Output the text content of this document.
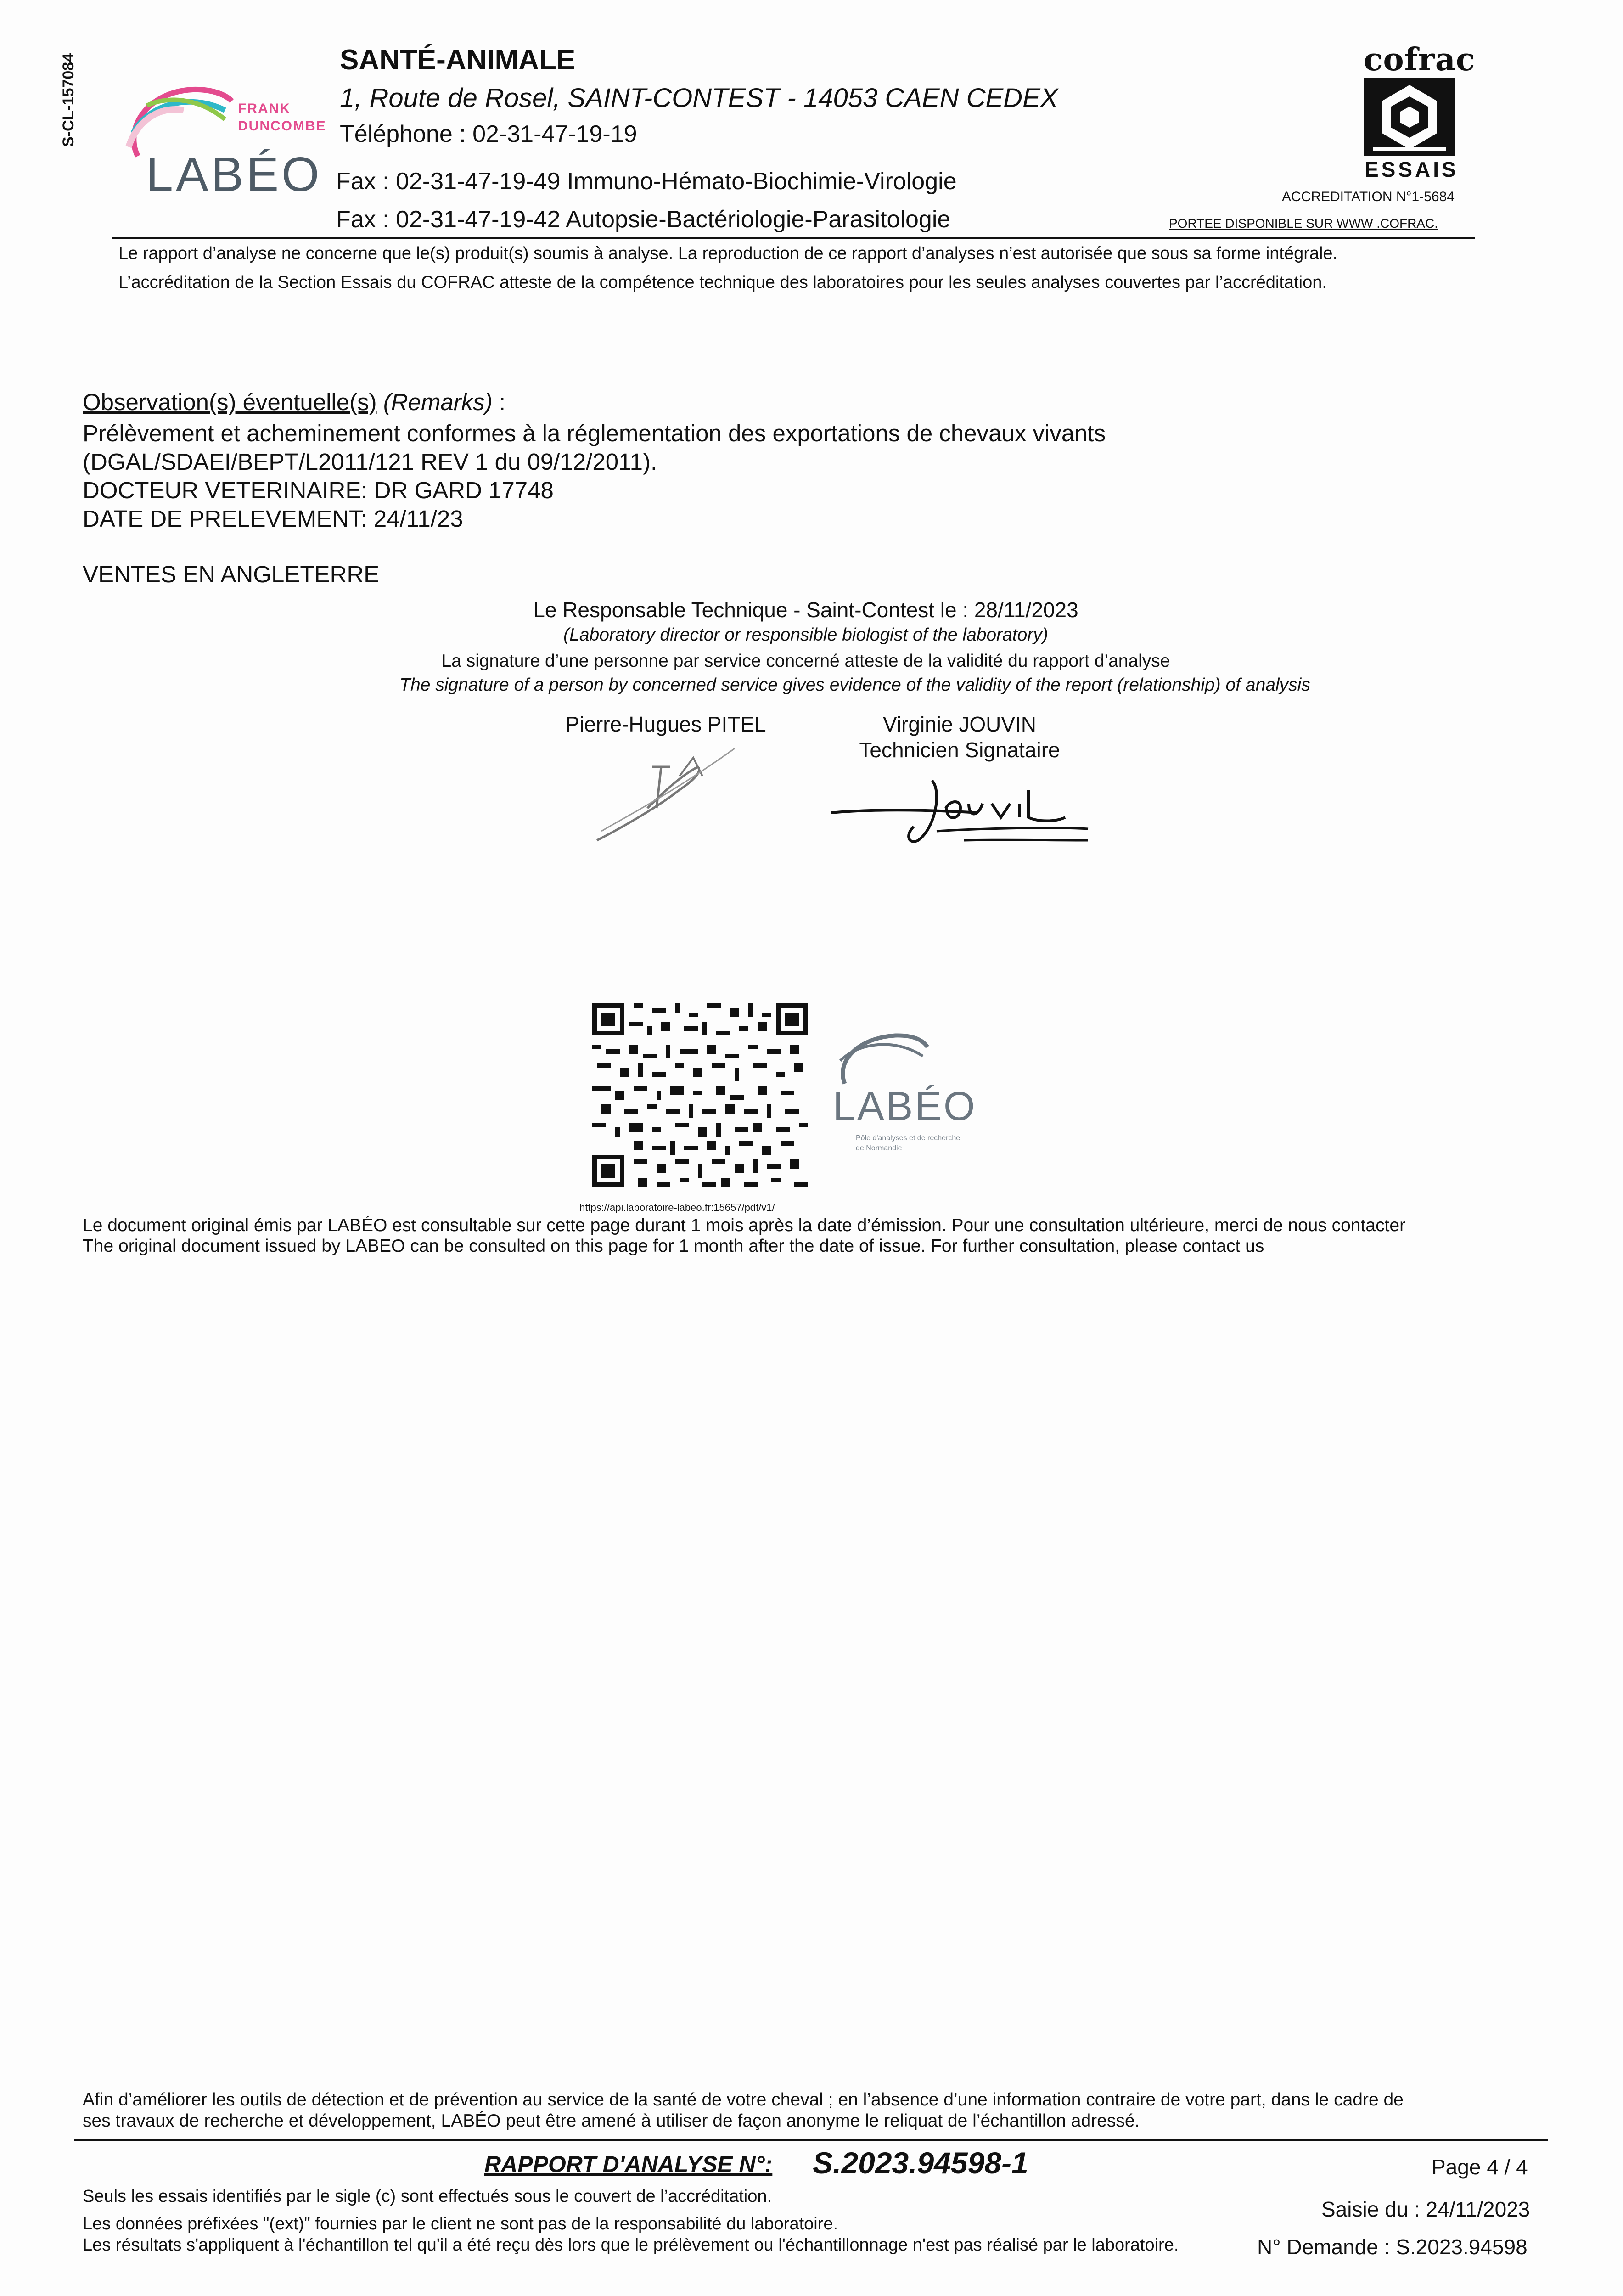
S-CL-157084	FRANK
DUNCOMBE
LABÉO
SANTÉ-ANIMALE
1, Route de Rosel, SAINT-CONTEST - 14053 CAEN CEDEX
Téléphone : 02-31-47-19-19
Fax : 02-31-47-19-49 Immuno-Hémato-Biochimie-Virologie
Fax : 02-31-47-19-42 Autopsie-Bactériologie-Parasitologie
cofrac
ESSAIS
ACCREDITATION N°1-5684
PORTEE DISPONIBLE SUR WWW .COFRAC.
Le rapport d’analyse ne concerne que le(s) produit(s) soumis à analyse. La reproduction de ce rapport d’analyses n’est autorisée que sous sa forme intégrale.
L’accréditation de la Section Essais du COFRAC atteste de la compétence technique des laboratoires pour les seules analyses couvertes par l’accréditation.
Observation(s) éventuelle(s) (Remarks) :
Prélèvement et acheminement conformes à la réglementation des exportations de chevaux vivants
(DGAL/SDAEI/BEPT/L2011/121 REV 1 du 09/12/2011).
DOCTEUR VETERINAIRE: DR GARD 17748
DATE DE PRELEVEMENT: 24/11/23
VENTES EN ANGLETERRE
Le Responsable Technique - Saint-Contest le : 28/11/2023
(Laboratory director or responsible biologist of the laboratory)
La signature d’une personne par service concerné atteste de la validité du rapport d’analyse
The signature of a person by concerned service gives evidence of the validity of the report (relationship) of analysis
Pierre-Hugues PITEL	Virginie JOUVIN
Technicien Signataire
https://api.laboratoire-labeo.fr:15657/pdf/v1/
LABÉO
Pôle d'analyses et de recherche
de Normandie
Le document original émis par LABÉO est consultable sur cette page durant 1 mois après la date d’émission. Pour une consultation ultérieure, merci de nous contacter
The original document issued by LABEO can be consulted on this page for 1 month after the date of issue. For further consultation, please contact us
Afin d’améliorer les outils de détection et de prévention au service de la santé de votre cheval ; en l’absence d’une information contraire de votre part, dans le cadre de
ses travaux de recherche et développement, LABÉO peut être amené à utiliser de façon anonyme le reliquat de l’échantillon adressé.
RAPPORT D'ANALYSE N°: S.2023.94598-1	Page 4 / 4
Seuls les essais identifiés par le sigle (c) sont effectués sous le couvert de l’accréditation.
Saisie du : 24/11/2023
Les données préfixées "(ext)" fournies par le client ne sont pas de la responsabilité du laboratoire.
Les résultats s'appliquent à l'échantillon tel qu'il a été reçu dès lors que le prélèvement ou l'échantillonnage n'est pas réalisé par le laboratoire.	N° Demande : S.2023.94598
